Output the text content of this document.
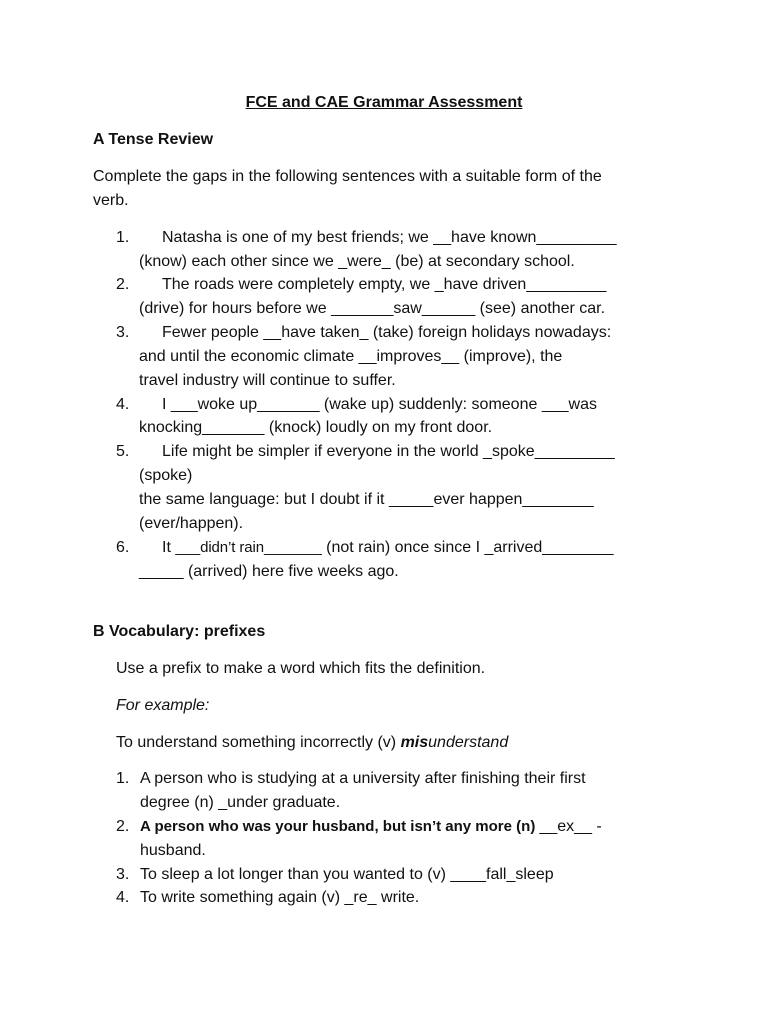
FCE and CAE Grammar Assessment
A Tense Review
Complete the gaps in the following sentences with a suitable form of the
verb.
1. Natasha is one of my best friends; we __have known_________
(know) each other since we _were_ (be) at secondary school.
2. The roads were completely empty, we _have driven_________
(drive) for hours before we _______saw______ (see) another car.
3. Fewer people __have taken_ (take) foreign holidays nowadays:
and until the economic climate __improves__ (improve), the
travel industry will continue to suffer.
4. I ___woke up_______ (wake up) suddenly: someone ___was
knocking_______ (knock) loudly on my front door.
5. Life might be simpler if everyone in the world _spoke_________
(spoke)
the same language: but I doubt if it _____ever happen________
(ever/happen).
6. It ___didn’t rain_______ (not rain) once since I _arrived________
_____ (arrived) here five weeks ago.
B Vocabulary: prefixes
Use a prefix to make a word which fits the definition.
For example:
To understand something incorrectly (v) misunderstand
1. A person who is studying at a university after finishing their first
degree (n) _under graduate.
2. A person who was your husband, but isn’t any more (n) __ex__ -
husband.
3. To sleep a lot longer than you wanted to (v) ____fall_sleep
4. To write something again (v) _re_ write.
